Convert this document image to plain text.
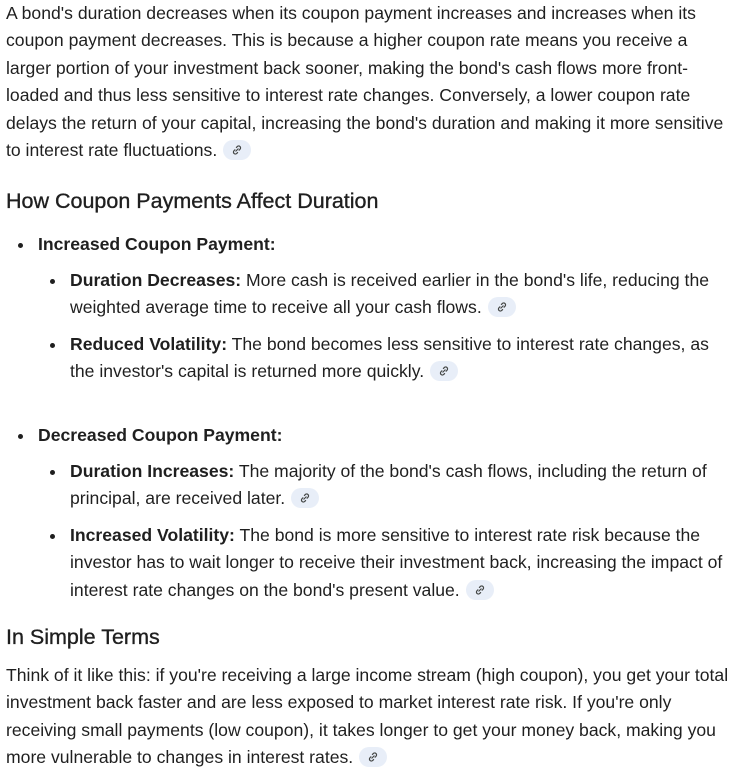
A bond's duration decreases when its coupon payment increases and increases when its coupon payment decreases. This is because a higher coupon rate means you receive a larger portion of your investment back sooner, making the bond's cash flows more front-loaded and thus less sensitive to interest rate changes. Conversely, a lower coupon rate delays the return of your capital, increasing the bond's duration and making it more sensitive to interest rate fluctuations.

How Coupon Payments Affect Duration
Increased Coupon Payment:
Duration Decreases: More cash is received earlier in the bond's life, reducing the weighted average time to receive all your cash flows.
Reduced Volatility: The bond becomes less sensitive to interest rate changes, as the investor's capital is returned more quickly.
Decreased Coupon Payment:
Duration Increases: The majority of the bond's cash flows, including the return of principal, are received later.
Increased Volatility: The bond is more sensitive to interest rate risk because the investor has to wait longer to receive their investment back, increasing the impact of interest rate changes on the bond's present value.
In Simple Terms

Think of it like this: if you're receiving a large income stream (high coupon), you get your total investment back faster and are less exposed to market interest rate risk. If you're only receiving small payments (low coupon), it takes longer to get your money back, making you more vulnerable to changes in interest rates.
